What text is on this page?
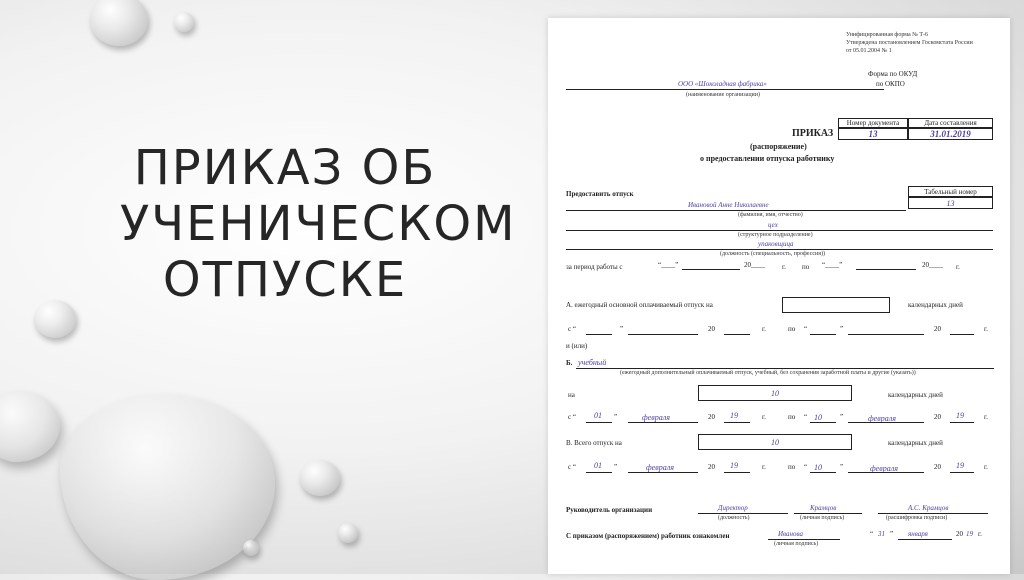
ПРИКАЗ ОБ
УЧЕНИЧЕСКОМ
ОТПУСКЕ
Унифицированная форма № Т-6
Утверждена постановлением Госкомстата России
от 05.01.2004 № 1
Форма по ОКУД
по ОКПО
ООО «Шоколадная фабрика»
(наименование организации)
Номер документа	Дата составления
13	31.01.2019
ПРИКАЗ
(распоряжение)
о предоставлении отпуска работнику
Предоставить отпуск	Табельный номер
13
Ивановой Анне Николаевне
(фамилия, имя, отчество)
цех
(структурное подразделение)
упаковщица
(должность (специальность, профессия))
за период работы с	“____”	20____ г. по “____”	20____ г.
А. ежегодный основной оплачиваемый отпуск на	календарных дней
с “	”	20	г.	по “	”	20	г.
и (или)
Б. учебный
(ежегодный дополнительный оплачиваемый отпуск, учебный, без сохранения заработной платы и другие (указать))
на	10	календарных дней
с “ 01 ”	февраля	20 19	г.	по “ 10	”	февраля	20 19	г.
В. Всего отпуск на	10	календарных дней
с “ 01 ”	февраля	20 19	г.	по “ 10	”	февраля	20 19	г.
Руководитель организации	Директор
(должность)
Крамцов
(личная подпись)
А.С. Крамцов
(расшифровка подписи)
С приказом (распоряжением) работник ознакомлен	Иванова
(личная подпись)
“ 31 ” января	20 19 г.
